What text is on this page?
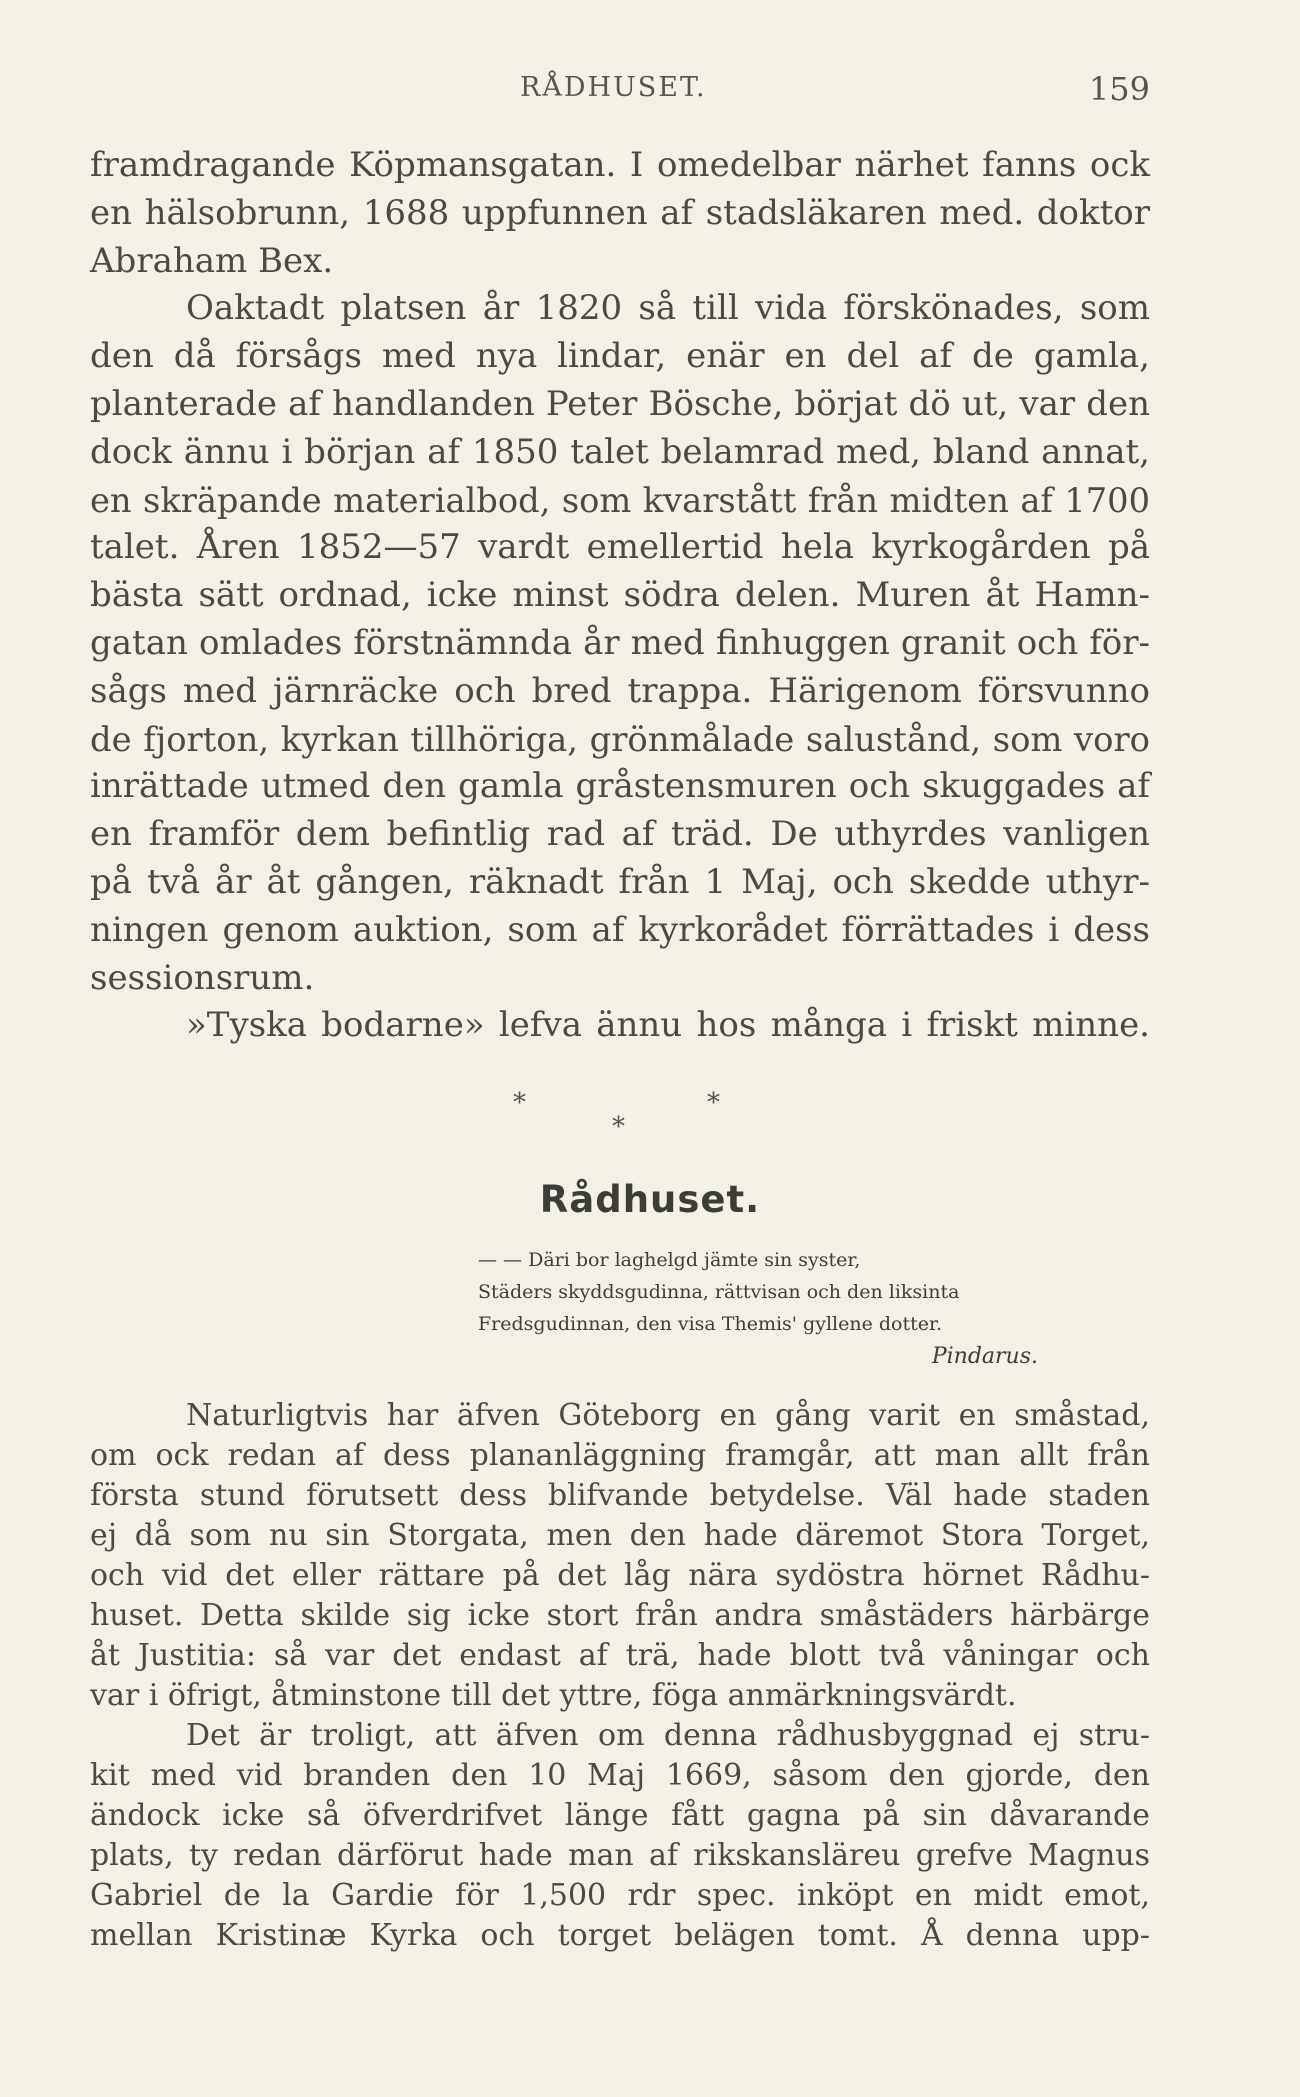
RÅDHUSET.	159
framdragande Köpmansgatan. I omedelbar närhet fanns ock
en hälsobrunn, 1688 uppfunnen af stadsläkaren med. doktor
Abraham Bex.
Oaktadt platsen år 1820 så till vida förskönades, som
den då försågs med nya lindar, enär en del af de gamla,
planterade af handlanden Peter Bösche, börjat dö ut, var den
dock ännu i början af 1850 talet belamrad med, bland annat,
en skräpande materialbod, som kvarstått från midten af 1700
talet. Åren 1852—57 vardt emellertid hela kyrkogården på
bästa sätt ordnad, icke minst södra delen. Muren åt Hamn-
gatan omlades förstnämnda år med finhuggen granit och för-
sågs med järnräcke och bred trappa. Härigenom försvunno
de fjorton, kyrkan tillhöriga, grönmålade salustånd, som voro
inrättade utmed den gamla gråstensmuren och skuggades af
en framför dem befintlig rad af träd. De uthyrdes vanligen
på två år åt gången, räknadt från 1 Maj, och skedde uthyr-
ningen genom auktion, som af kyrkorådet förrättades i dess
sessionsrum.
»Tyska bodarne» lefva ännu hos många i friskt minne.
*	*
*
Rådhuset.
— — Däri bor laghelgd jämte sin syster,
Städers skyddsgudinna, rättvisan och den liksinta
Fredsgudinnan, den visa Themis' gyllene dotter.
Pindarus.
Naturligtvis har äfven Göteborg en gång varit en småstad,
om ock redan af dess plananläggning framgår, att man allt från
första stund förutsett dess blifvande betydelse. Väl hade staden
ej då som nu sin Storgata, men den hade däremot Stora Torget,
och vid det eller rättare på det låg nära sydöstra hörnet Rådhu-
huset. Detta skilde sig icke stort från andra småstäders härbärge
åt Justitia: så var det endast af trä, hade blott två våningar och
var i öfrigt, åtminstone till det yttre, föga anmärkningsvärdt.
Det är troligt, att äfven om denna rådhusbyggnad ej stru-
kit med vid branden den 10 Maj 1669, såsom den gjorde, den
ändock icke så öfverdrifvet länge fått gagna på sin dåvarande
plats, ty redan därförut hade man af rikskansläreu grefve Magnus
Gabriel de la Gardie för 1,500 rdr spec. inköpt en midt emot,
mellan Kristinæ Kyrka och torget belägen tomt. Å denna upp-
